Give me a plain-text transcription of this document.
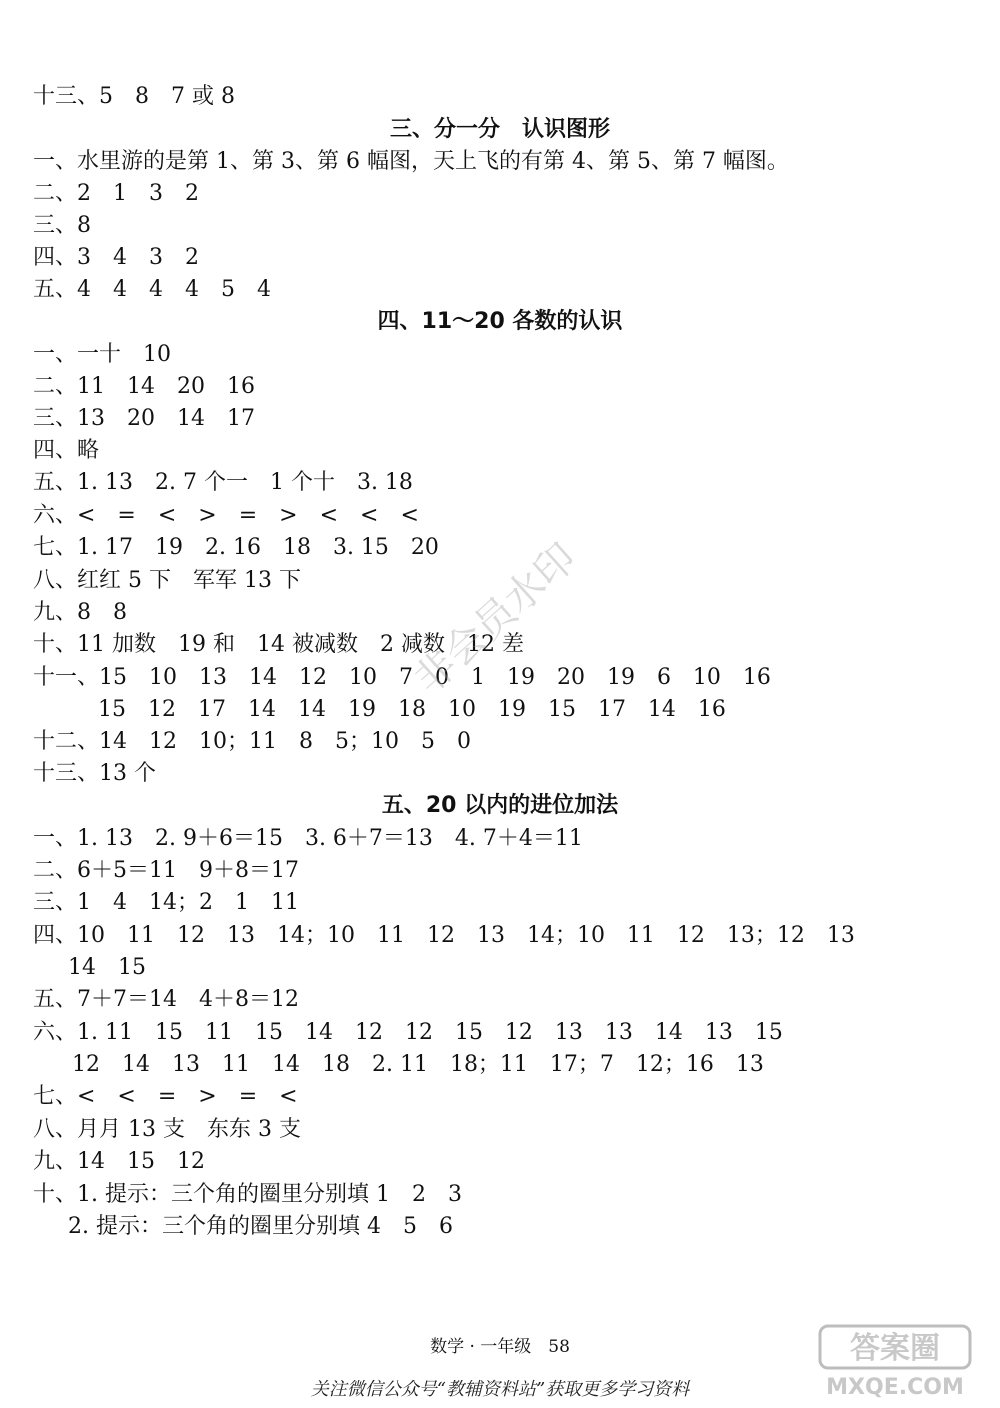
十三、5　8　7 或 8
三、分一分　认识图形
一、水里游的是第 1、第 3、第 6 幅图，天上飞的有第 4、第 5、第 7 幅图。
二、2　1　3　2
三、8
四、3　4　3　2
五、4　4　4　4　5　4
四、11～20 各数的认识
一、一十　10
二、11　14　20　16
三、13　20　14　17
四、略
五、1. 13　2. 7 个一　1 个十　3. 18
六、<　=　<　>　=　>　<　<　<
七、1. 17　19　2. 16　18　3. 15　20
八、红红 5 下　军军 13 下
九、8　8
十、11 加数　19 和　14 被减数　2 减数　12 差
十一、15　10　13　14　12　10　7　0　1　19　20　19　6　10　16
15　12　17　14　14　19　18　10　19　15　17　14　16
十二、14　12　10；11　8　5；10　5　0
十三、13 个
五、20 以内的进位加法
一、1. 13　2. 9＋6＝15　3. 6＋7＝13　4. 7＋4＝11
二、6＋5＝11　9＋8＝17
三、1　4　14；2　1　11
四、10　11　12　13　14；10　11　12　13　14；10　11　12　13；12　13
14　15
五、7＋7＝14　4＋8＝12
六、1. 11　15　11　15　14　12　12　15　12　13　13　14　13　15
12　14　13　11　14　18　2. 11　18；11　17；7　12；16　13
七、<　<　=　>　=　<
八、月月 13 支　东东 3 支
九、14　15　12
十、1. 提示：三个角的圈里分别填 1　2　3
2. 提示：三个角的圈里分别填 4　5　6
非会员水印
数学 · 一年级　58
关注微信公众号“教辅资料站”获取更多学习资料
答案圈
MXQE.COM
